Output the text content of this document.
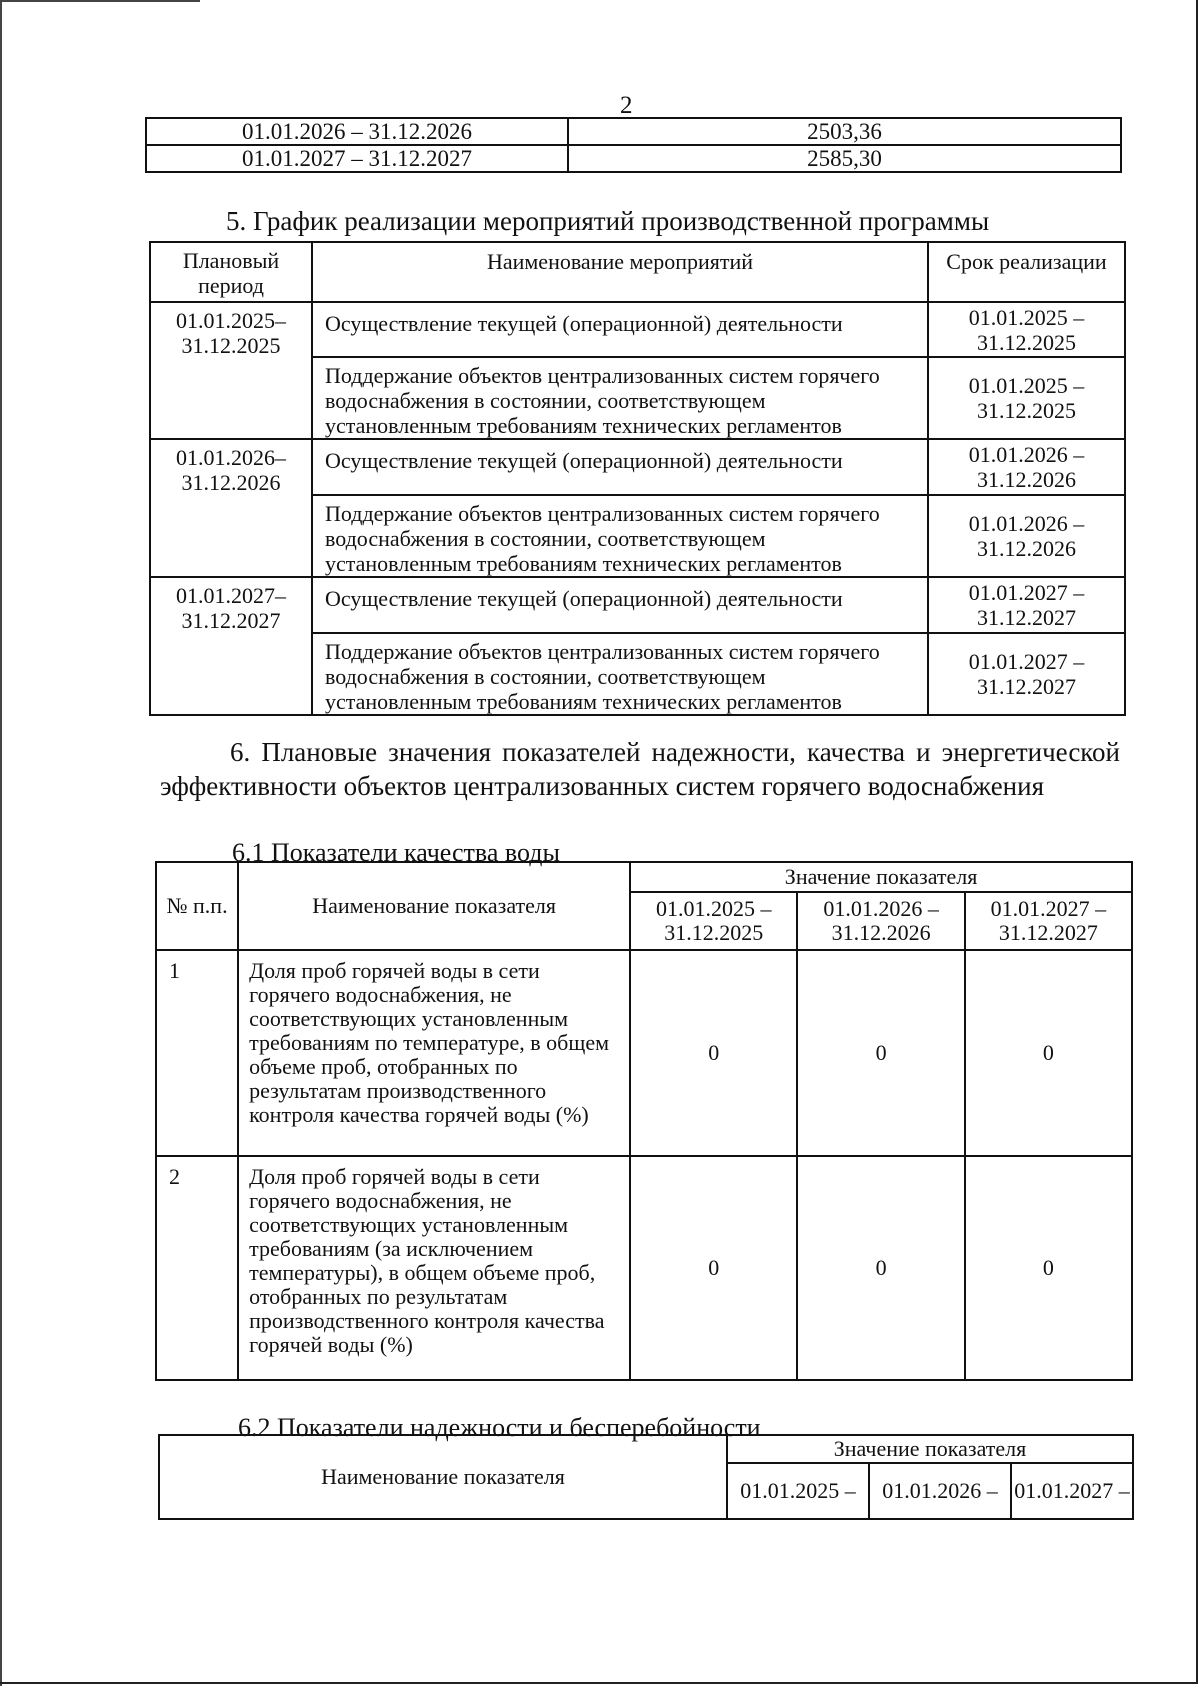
2
01.01.2026 – 31.12.2026	2503,36
01.01.2027 – 31.12.2027	2585,30
5. График реализации мероприятий производственной программы
Плановый период	Наименование мероприятий	Срок реализации
01.01.2025– 31.12.2025	Осуществление текущей (операционной) деятельности	01.01.2025 – 31.12.2025
	Поддержание объектов централизованных систем горячего водоснабжения в состоянии, соответствующем установленным требованиям технических регламентов	01.01.2025 – 31.12.2025
01.01.2026– 31.12.2026	Осуществление текущей (операционной) деятельности	01.01.2026 – 31.12.2026
	Поддержание объектов централизованных систем горячего водоснабжения в состоянии, соответствующем установленным требованиям технических регламентов	01.01.2026 – 31.12.2026
01.01.2027– 31.12.2027	Осуществление текущей (операционной) деятельности	01.01.2027 – 31.12.2027
	Поддержание объектов централизованных систем горячего водоснабжения в состоянии, соответствующем установленным требованиям технических регламентов	01.01.2027 – 31.12.2027
6. Плановые значения показателей надежности, качества и энергетической эффективности объектов централизованных систем горячего водоснабжения
6.1 Показатели качества воды
№ п.п.	Наименование показателя	Значение показателя		
		01.01.2025 – 31.12.2025	01.01.2026 – 31.12.2026	01.01.2027 – 31.12.2027
1	Доля проб горячей воды в сети горячего водоснабжения, не соответствующих установленным требованиям по температуре, в общем объеме проб, отобранных по результатам производственного контроля качества горячей воды (%)	0	0	0
2	Доля проб горячей воды в сети горячего водоснабжения, не соответствующих установленным требованиям (за исключением температуры), в общем объеме проб, отобранных по результатам производственного контроля качества горячей воды (%)	0	0	0
6.2 Показатели надежности и бесперебойности
Наименование показателя	Значение показателя		
	01.01.2025 –	01.01.2026 –	01.01.2027 –
